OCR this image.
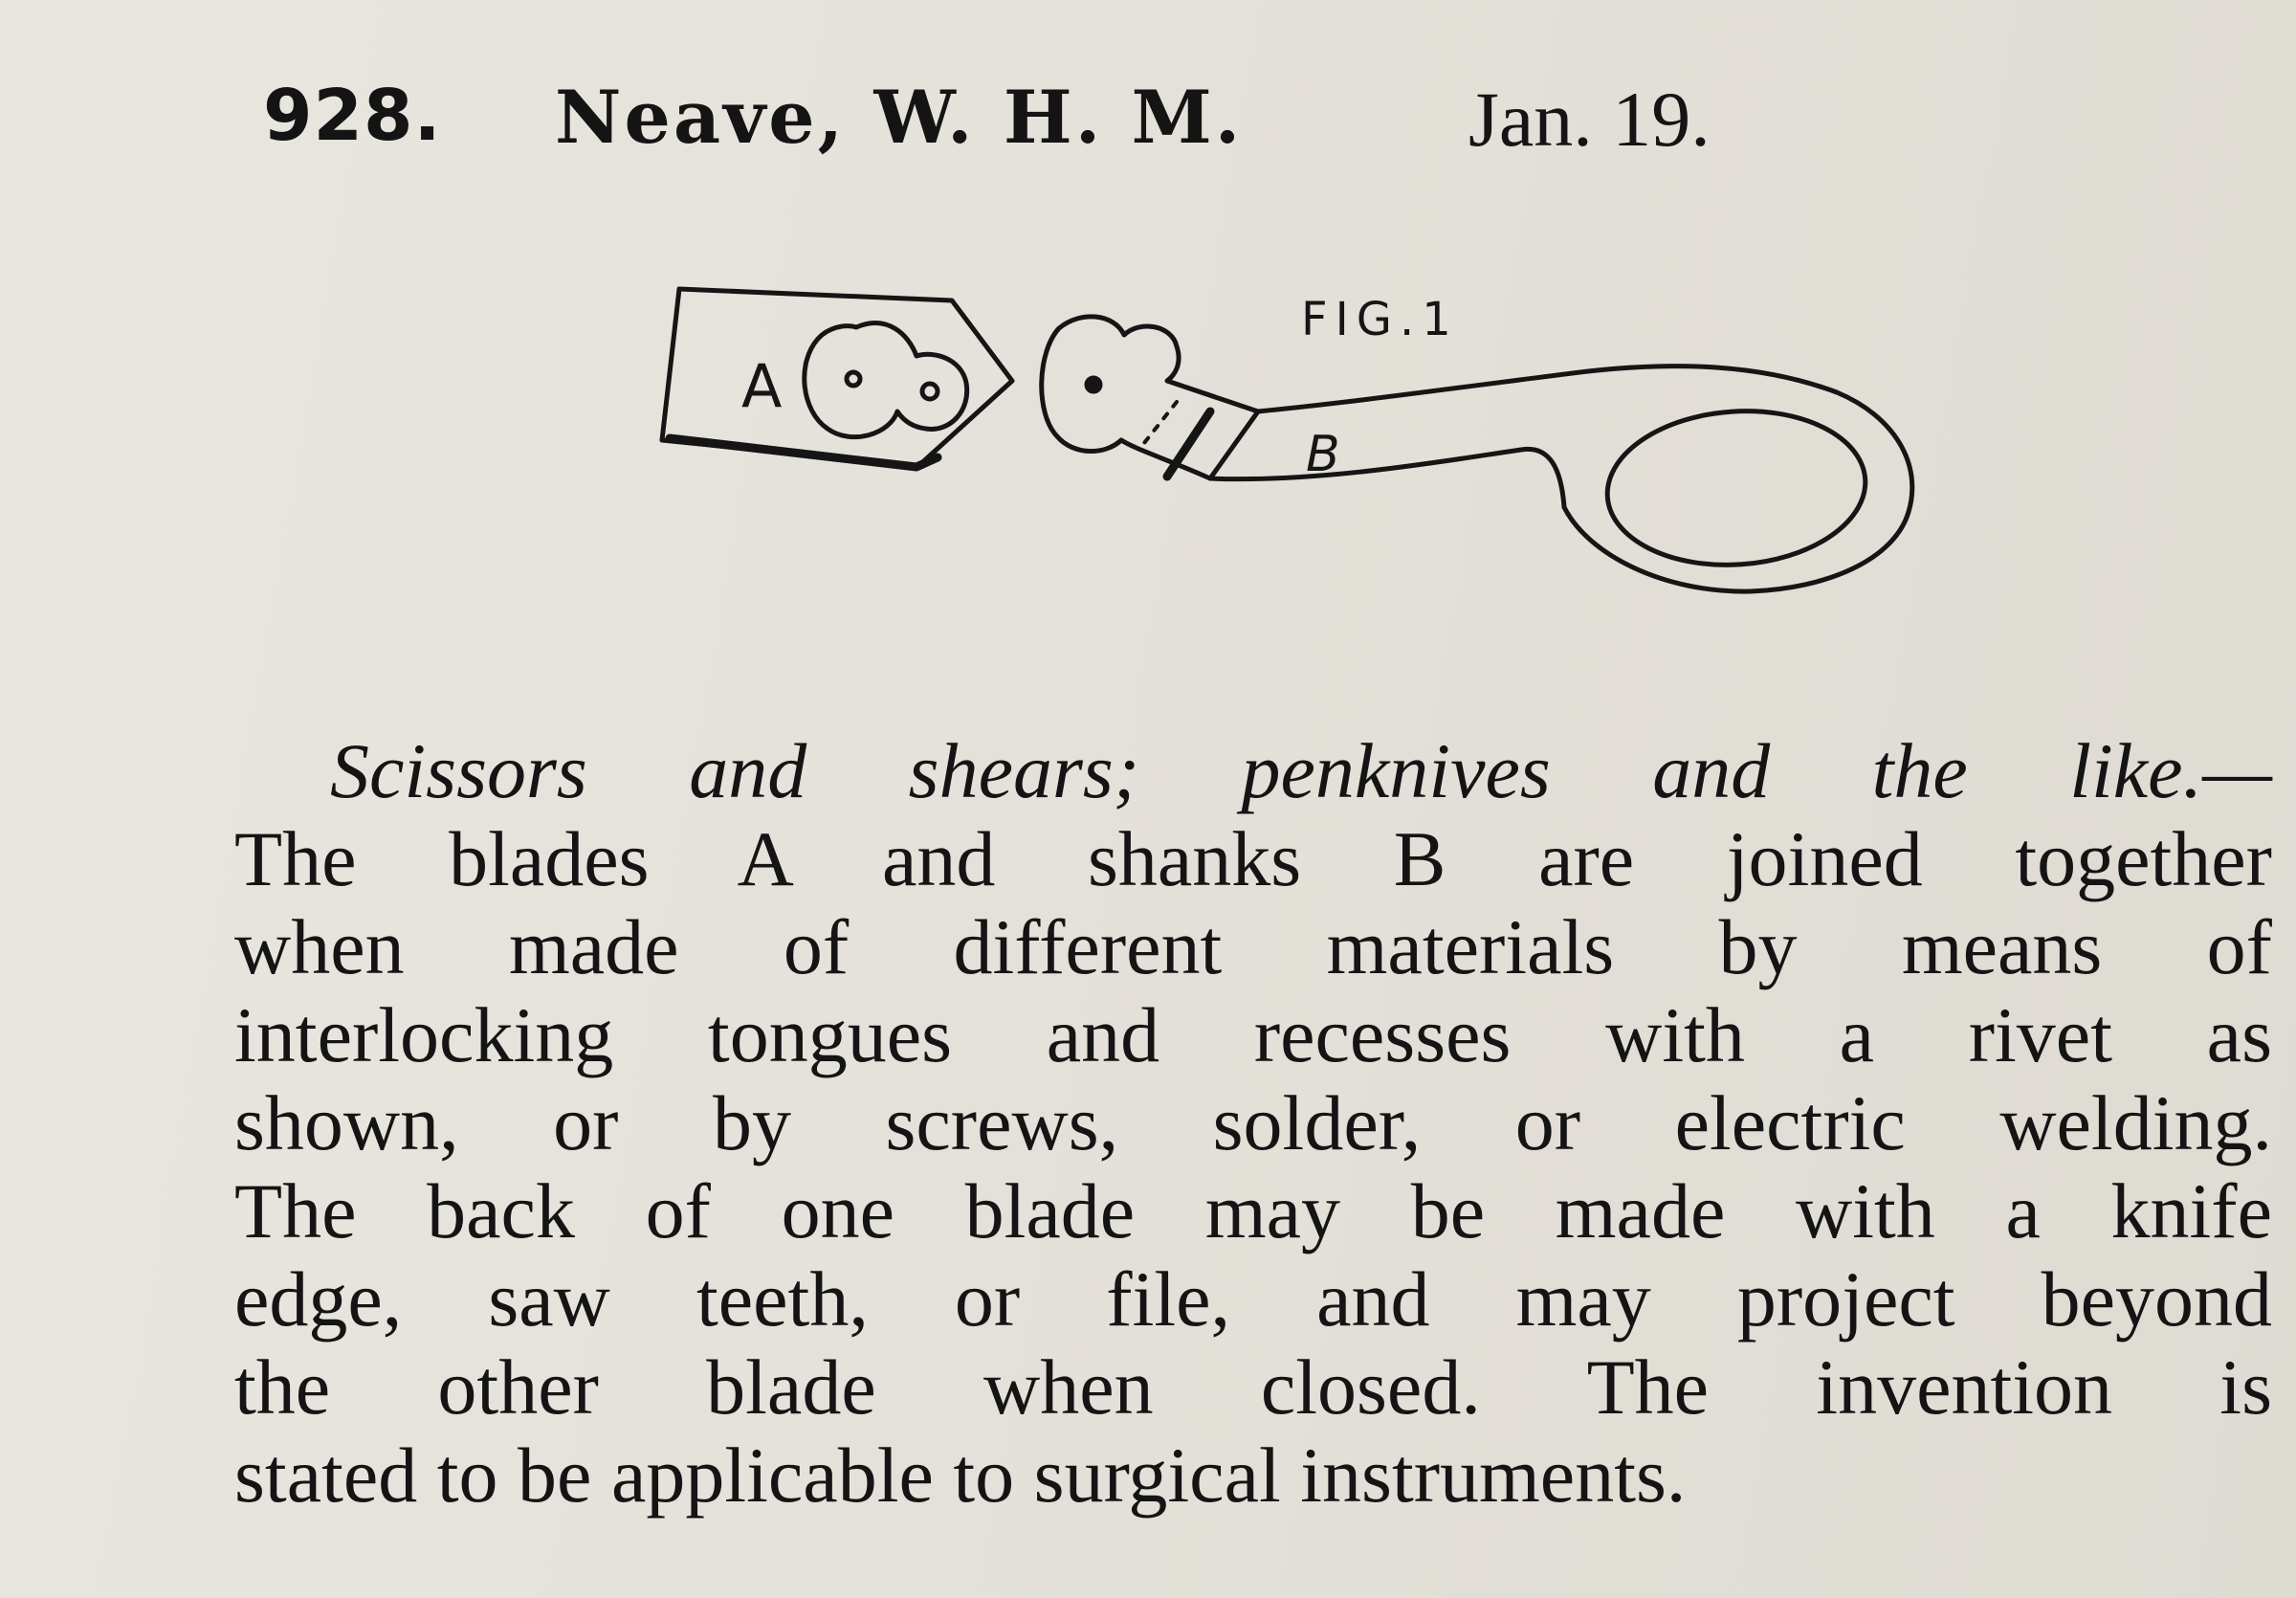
928. Neave, W. H. M.	Jan. 19.
A
FIG.1
B
Scissors and shears; penknives and the like.—
The blades A and shanks B are joined together
when made of different materials by means of
interlocking tongues and recesses with a rivet as
shown, or by screws, solder, or electric welding.
The back of one blade may be made with a knife
edge, saw teeth, or file, and may project beyond
the other blade when closed. The invention is
stated to be applicable to surgical instruments.
